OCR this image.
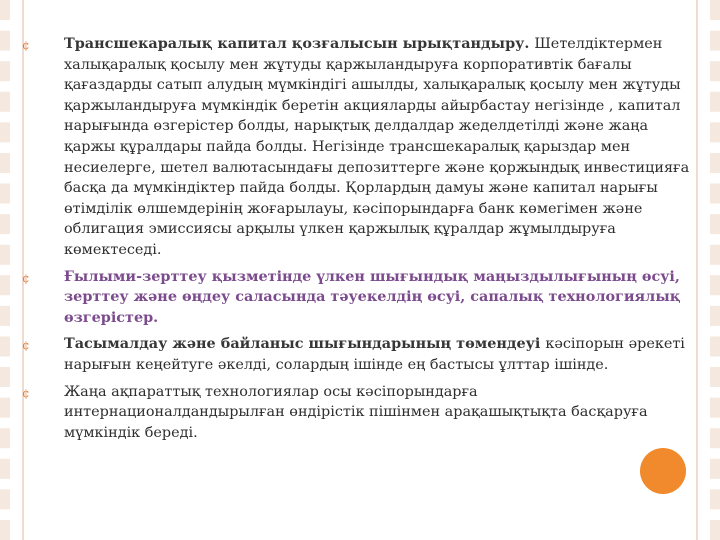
¢ Трансшекаралық капитал қозғалысын ырықтандыру. Шетелдіктермен халықаралық қосылу мен жұтуды қаржыландыруға корпоративтік бағалы қағаздарды сатып алудың мүмкіндігі ашылды, халықаралық қосылу мен жұтуды қаржыландыруға мүмкіндік беретін акцияларды айырбастау негізінде , капитал нарығында өзгерістер болды, нарықтық делдалдар жеделдетілді және жаңа қаржы құралдары пайда болды. Негізінде трансшекаралық қарыздар мен несиелерге, шетел валютасындағы депозиттерге және қоржындық инвестицияға басқа да мүмкіндіктер пайда болды. Қорлардың дамуы және капитал нарығы өтімділік өлшемдерінің жоғарылауы, кәсіпорындарға банк көмегімен және облигация эмиссиясы арқылы үлкен қаржылық құралдар жұмылдыруға көмектеседі.
¢ Ғылыми-зерттеу қызметінде үлкен шығындық маңыздылығының өсуі, зерттеу және өңдеу саласында тәуекелдің өсуі, сапалық технологиялық өзгерістер.
¢ Тасымалдау және байланыс шығындарының төмендеуі кәсіпорын әрекеті нарығын кеңейтуге әкелді, солардың ішінде ең бастысы ұлттар ішінде.
¢ Жаңа ақпараттық технологиялар осы кәсіпорындарға интернационалдандырылған өндірістік пішінмен арақашықтықта басқаруға мүмкіндік береді.
